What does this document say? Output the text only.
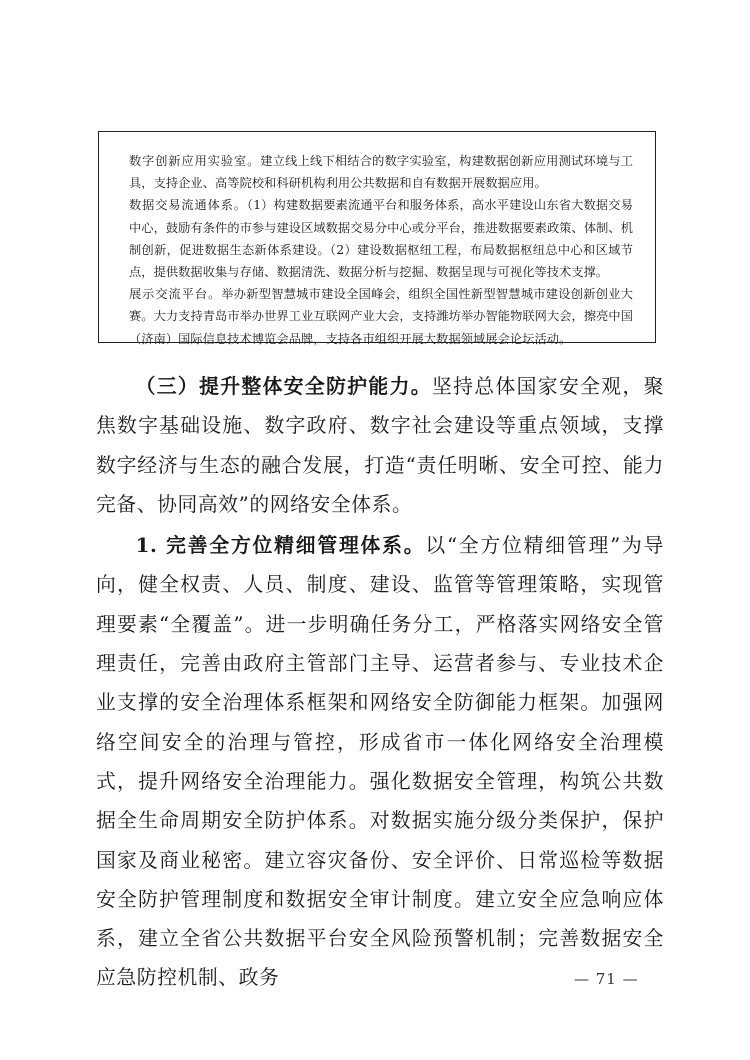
数字创新应用实验室。建立线上线下相结合的数字实验室，构建数据创新应用测试环境与工具，支持企业、高等院校和科研机构利用公共数据和自有数据开展数据应用。

数据交易流通体系。（1）构建数据要素流通平台和服务体系，高水平建设山东省大数据交易中心，鼓励有条件的市参与建设区域数据交易分中心或分平台，推进数据要素政策、体制、机制创新，促进数据生态新体系建设。（2）建设数据枢纽工程，布局数据枢纽总中心和区域节点，提供数据收集与存储、数据清洗、数据分析与挖掘、数据呈现与可视化等技术支撑。

展示交流平台。举办新型智慧城市建设全国峰会，组织全国性新型智慧城市建设创新创业大赛。大力支持青岛市举办世界工业互联网产业大会，支持潍坊举办智能物联网大会，擦亮中国（济南）国际信息技术博览会品牌，支持各市组织开展大数据领域展会论坛活动。

（三）提升整体安全防护能力。坚持总体国家安全观，聚焦数字基础设施、数字政府、数字社会建设等重点领域，支撑数字经济与生态的融合发展，打造“责任明晰、安全可控、能力完备、协同高效”的网络安全体系。

1. 完善全方位精细管理体系。以“全方位精细管理”为导向，健全权责、人员、制度、建设、监管等管理策略，实现管理要素“全覆盖”。进一步明确任务分工，严格落实网络安全管理责任，完善由政府主管部门主导、运营者参与、专业技术企业支撑的安全治理体系框架和网络安全防御能力框架。加强网络空间安全的治理与管控，形成省市一体化网络安全治理模式，提升网络安全治理能力。强化数据安全管理，构筑公共数据全生命周期安全防护体系。对数据实施分级分类保护，保护国家及商业秘密。建立容灾备份、安全评价、日常巡检等数据安全防护管理制度和数据安全审计制度。建立安全应急响应体系，建立全省公共数据平台安全风险预警机制；完善数据安全应急防控机制、政务	— 71 —
